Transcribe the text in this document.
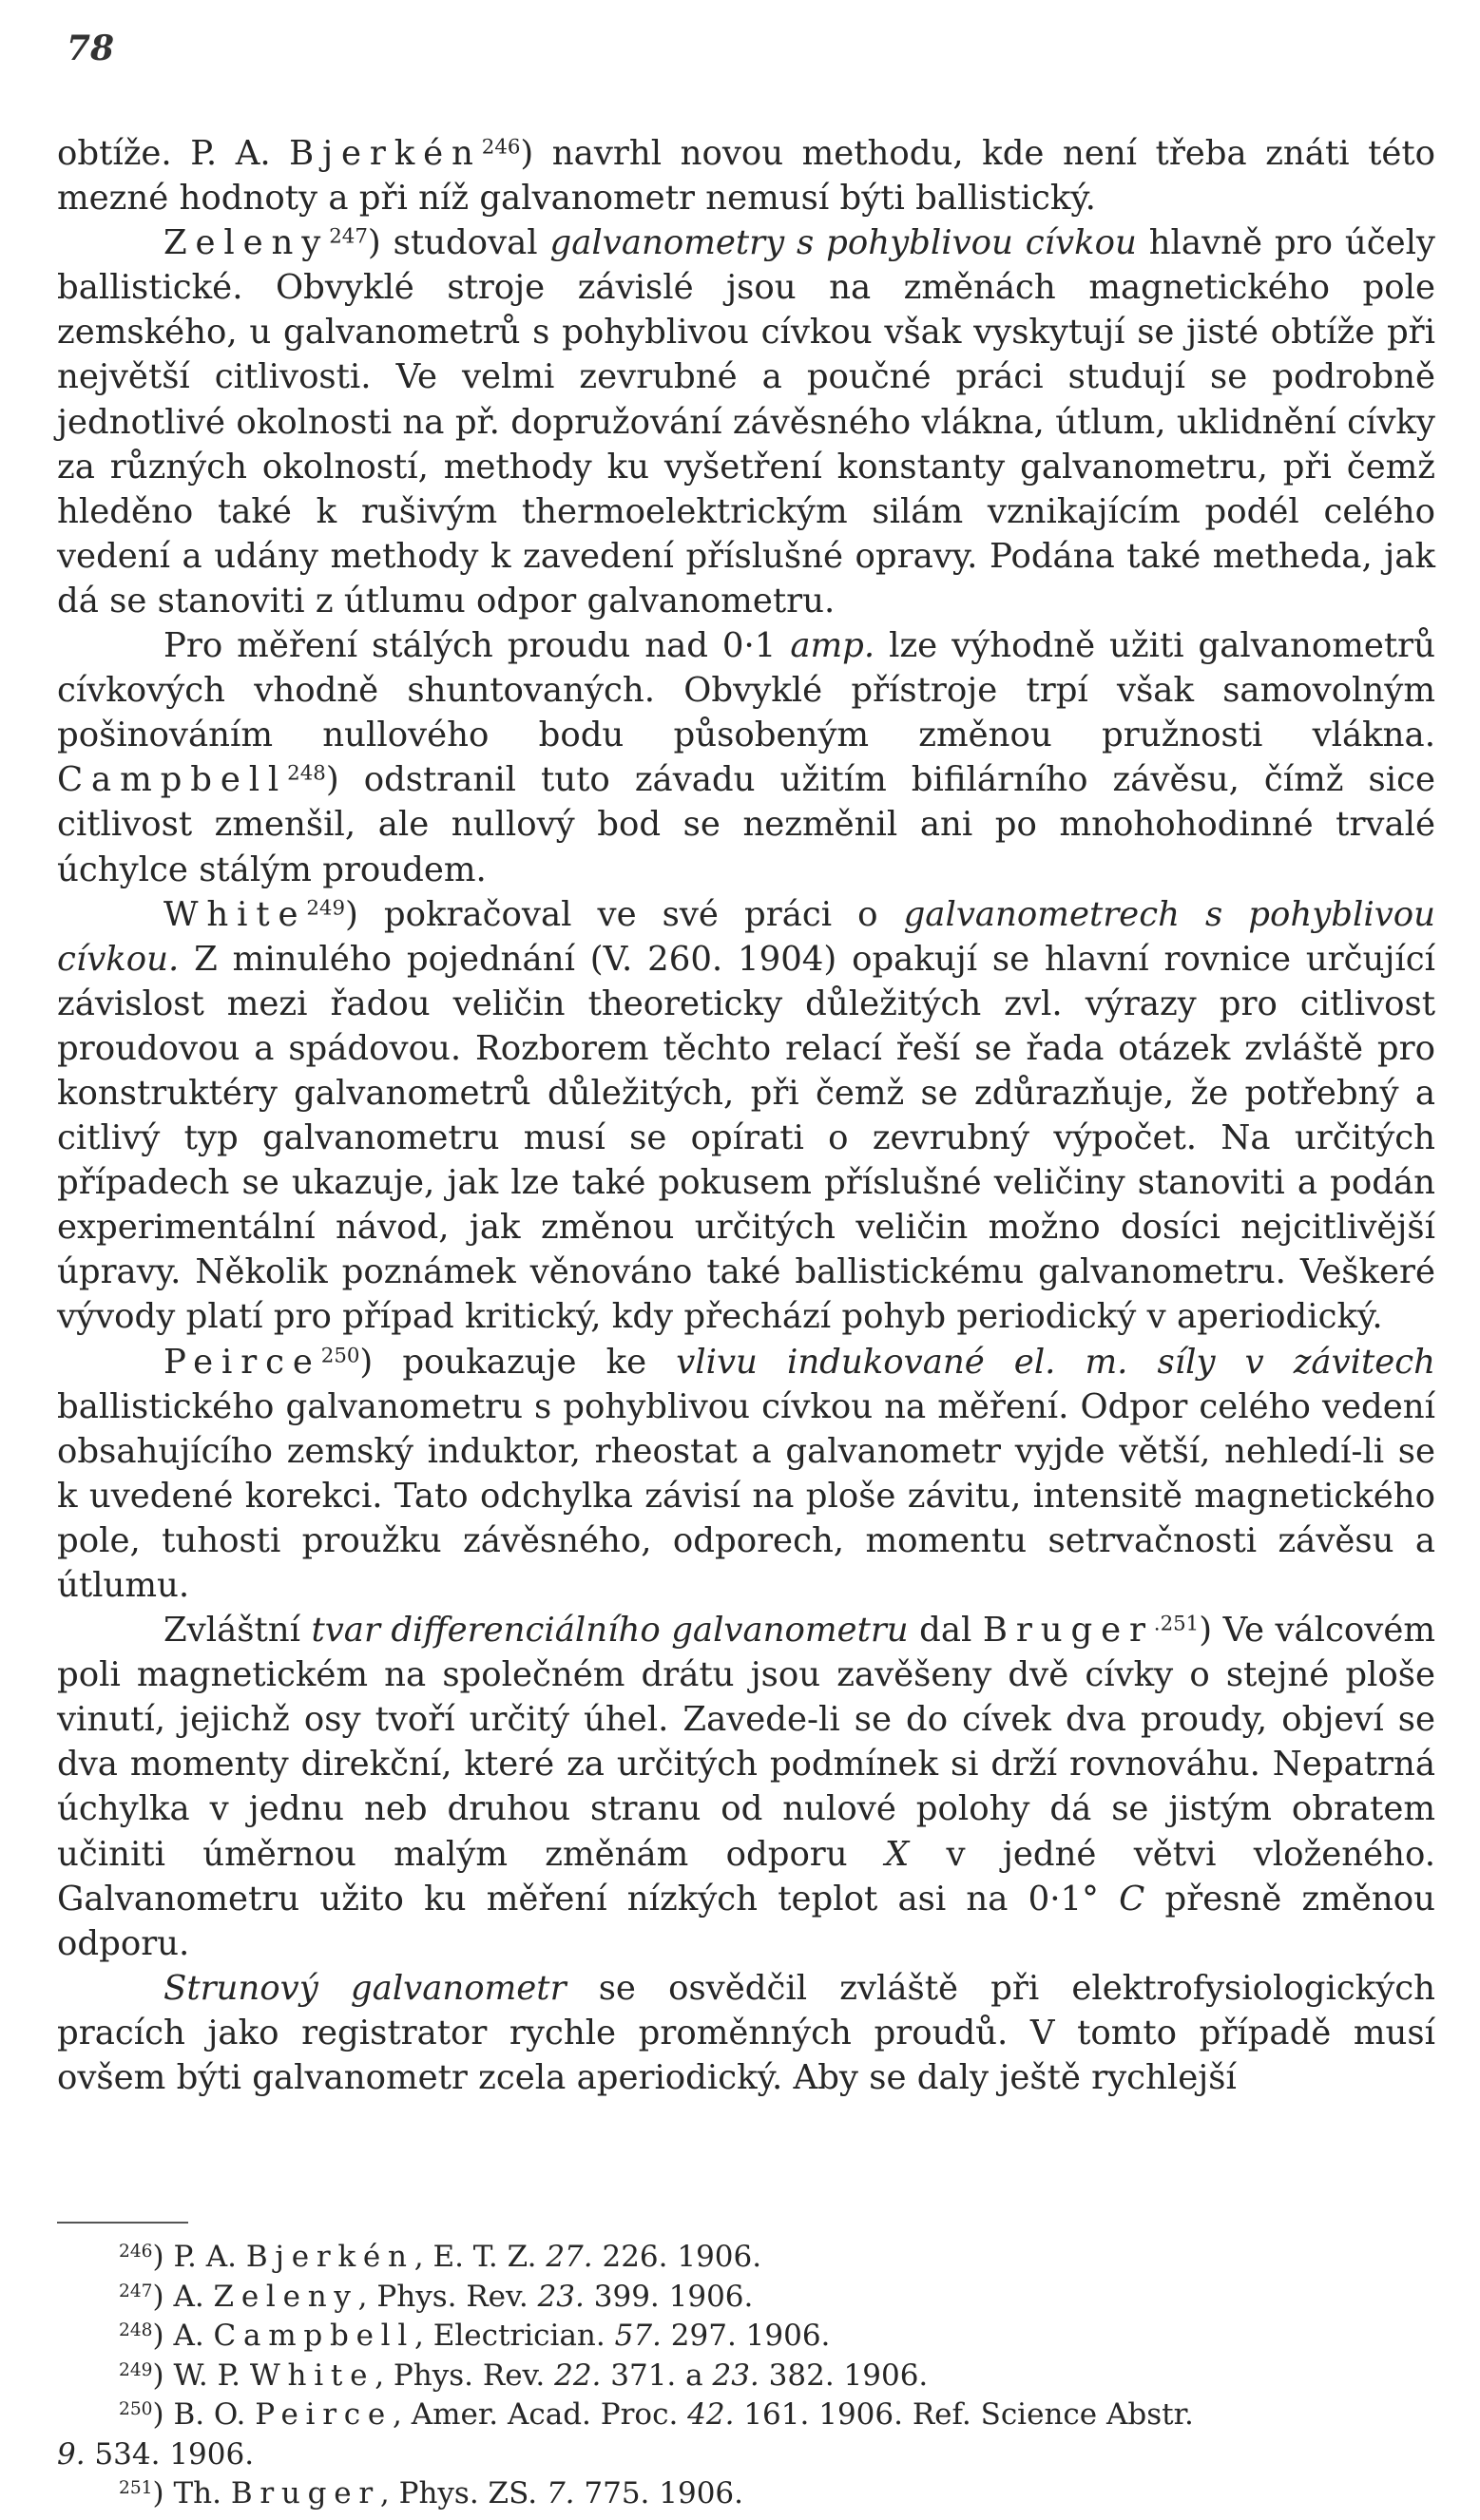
78

obtíže. P. A. Bjerkén$^{246}$) navrhl novou methodu, kde není třeba znáti této mezné hodnoty a při níž galvanometr nemusí býti ballistický.

Zeleny$^{247}$) studoval galvanometry s pohyblivou cívkou hlavně pro účely ballistické. Obvyklé stroje závislé jsou na změnách magnetického pole zemského, u galvanometrů s pohyblivou cívkou však vyskytují se jisté obtíže při největší citlivosti. Ve velmi zevrubné a poučné práci studují se podrobně jednotlivé okolnosti na př. dopružování závěsného vlákna, útlum, uklidnění cívky za různých okolností, methody ku vyšetření konstanty galvanometru, při čemž hleděno také k rušivým thermoelektrickým silám vznikajícím podél celého vedení a udány methody k zavedení příslušné opravy. Podána také metheda, jak dá se stanoviti z útlumu odpor galvanometru.

Pro měření stálých proudu nad 0·1 amp. lze výhodně užiti galvanometrů cívkových vhodně shuntovaných. Obvyklé přístroje trpí však samovolným pošinováním nullového bodu působeným změnou pružnosti vlákna. Campbell$^{248}$) odstranil tuto závadu užitím bifilárního závěsu, čímž sice citlivost zmenšil, ale nullový bod se nezměnil ani po mnohohodinné trvalé úchylce stálým proudem.

White$^{249}$) pokračoval ve své práci o galvanometrech s pohyblivou cívkou. Z minulého pojednání (V. 260. 1904) opakují se hlavní rovnice určující závislost mezi řadou veličin theoreticky důležitých zvl. výrazy pro citlivost proudovou a spádovou. Rozborem těchto relací řeší se řada otázek zvláště pro konstruktéry galvanometrů důležitých, při čemž se zdůrazňuje, že potřebný a citlivý typ galvanometru musí se opírati o zevrubný výpočet. Na určitých případech se ukazuje, jak lze také pokusem příslušné veličiny stanoviti a podán experimentální návod, jak změnou určitých veličin možno dosíci nejcitlivější úpravy. Několik poznámek věnováno také ballistickému galvanometru. Veškeré vývody platí pro případ kritický, kdy přechází pohyb periodický v aperiodický.

Peirce$^{250}$) poukazuje ke vlivu indukované el. m. síly v závitech ballistického galvanometru s pohyblivou cívkou na měření. Odpor celého vedení obsahujícího zemský induktor, rheostat a galvanometr vyjde větší, nehledí-li se k uvedené korekci. Tato odchylka závisí na ploše závitu, intensitě magnetického pole, tuhosti proužku závěsného, odporech, momentu setrvačnosti závěsu a útlumu.

Zvláštní tvar differenciálního galvanometru dal Bruger$^{.251}$) Ve válcovém poli magnetickém na společném drátu jsou zavěšeny dvě cívky o stejné ploše vinutí, jejichž osy tvoří určitý úhel. Zavede-li se do cívek dva proudy, objeví se dva momenty direkční, které za určitých podmínek si drží rovnováhu. Nepatrná úchylka v jednu neb druhou stranu od nulové polohy dá se jistým obratem učiniti úměrnou malým změnám odporu X v jedné větvi vloženého. Galvanometru užito ku měření nízkých teplot asi na 0·1° C přesně změnou odporu.

Strunový galvanometr se osvědčil zvláště při elektrofysiologických pracích jako registrator rychle proměnných proudů. V tomto případě musí ovšem býti galvanometr zcela aperiodický. Aby se daly ještě rychlejší

$^{246}$) P. A. Bjerkén, E. T. Z. 27. 226. 1906.

$^{247}$) A. Zeleny, Phys. Rev. 23. 399. 1906.

$^{248}$) A. Campbell, Electrician. 57. 297. 1906.

$^{249}$) W. P. White, Phys. Rev. 22. 371. a 23. 382. 1906.

$^{250}$) B. O. Peirce, Amer. Acad. Proc. 42. 161. 1906. Ref. Science Abstr.

9. 534. 1906.

$^{251}$) Th. Bruger, Phys. ZS. 7. 775. 1906.
